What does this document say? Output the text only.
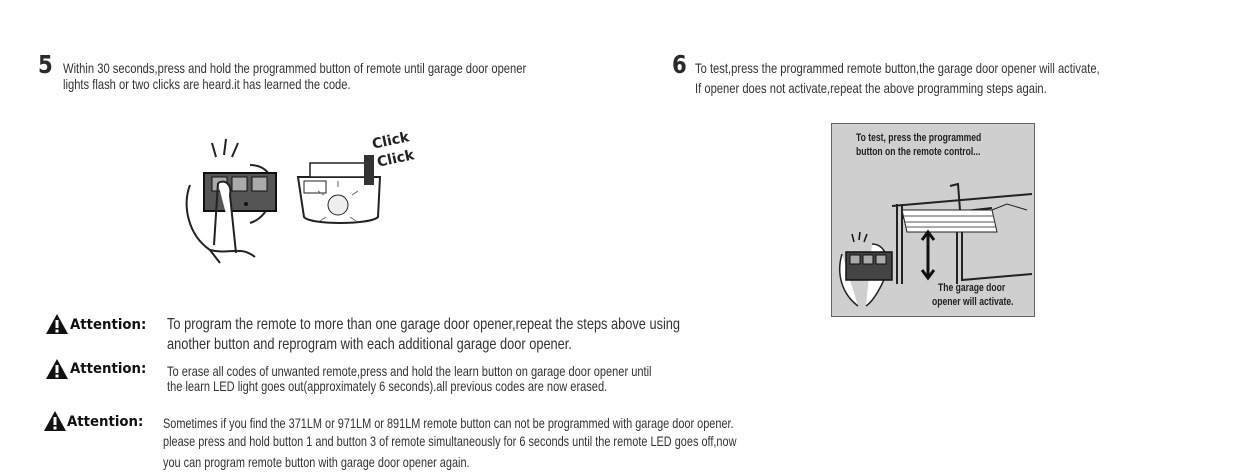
5 Within 30 seconds,press and hold the programmed button of remote until garage door opener
lights flash or two clicks are heard.it has learned the code.
Click
Click
6 To test,press the programmed remote button,the garage door opener will activate,
If opener does not activate,repeat the above programming steps again.
To test, press the programmed
button on the remote control...
The garage door
opener will activate.
Attention: To program the remote to more than one garage door opener,repeat the steps above using
another button and reprogram with each additional garage door opener.
Attention: To erase all codes of unwanted remote,press and hold the learn button on garage door opener until
the learn LED light goes out(approximately 6 seconds).all previous codes are now erased.
Attention: Sometimes if you find the 371LM or 971LM or 891LM remote button can not be programmed with garage door opener.
please press and hold button 1 and button 3 of remote simultaneously for 6 seconds until the remote LED goes off,now
you can program remote button with garage door opener again.
